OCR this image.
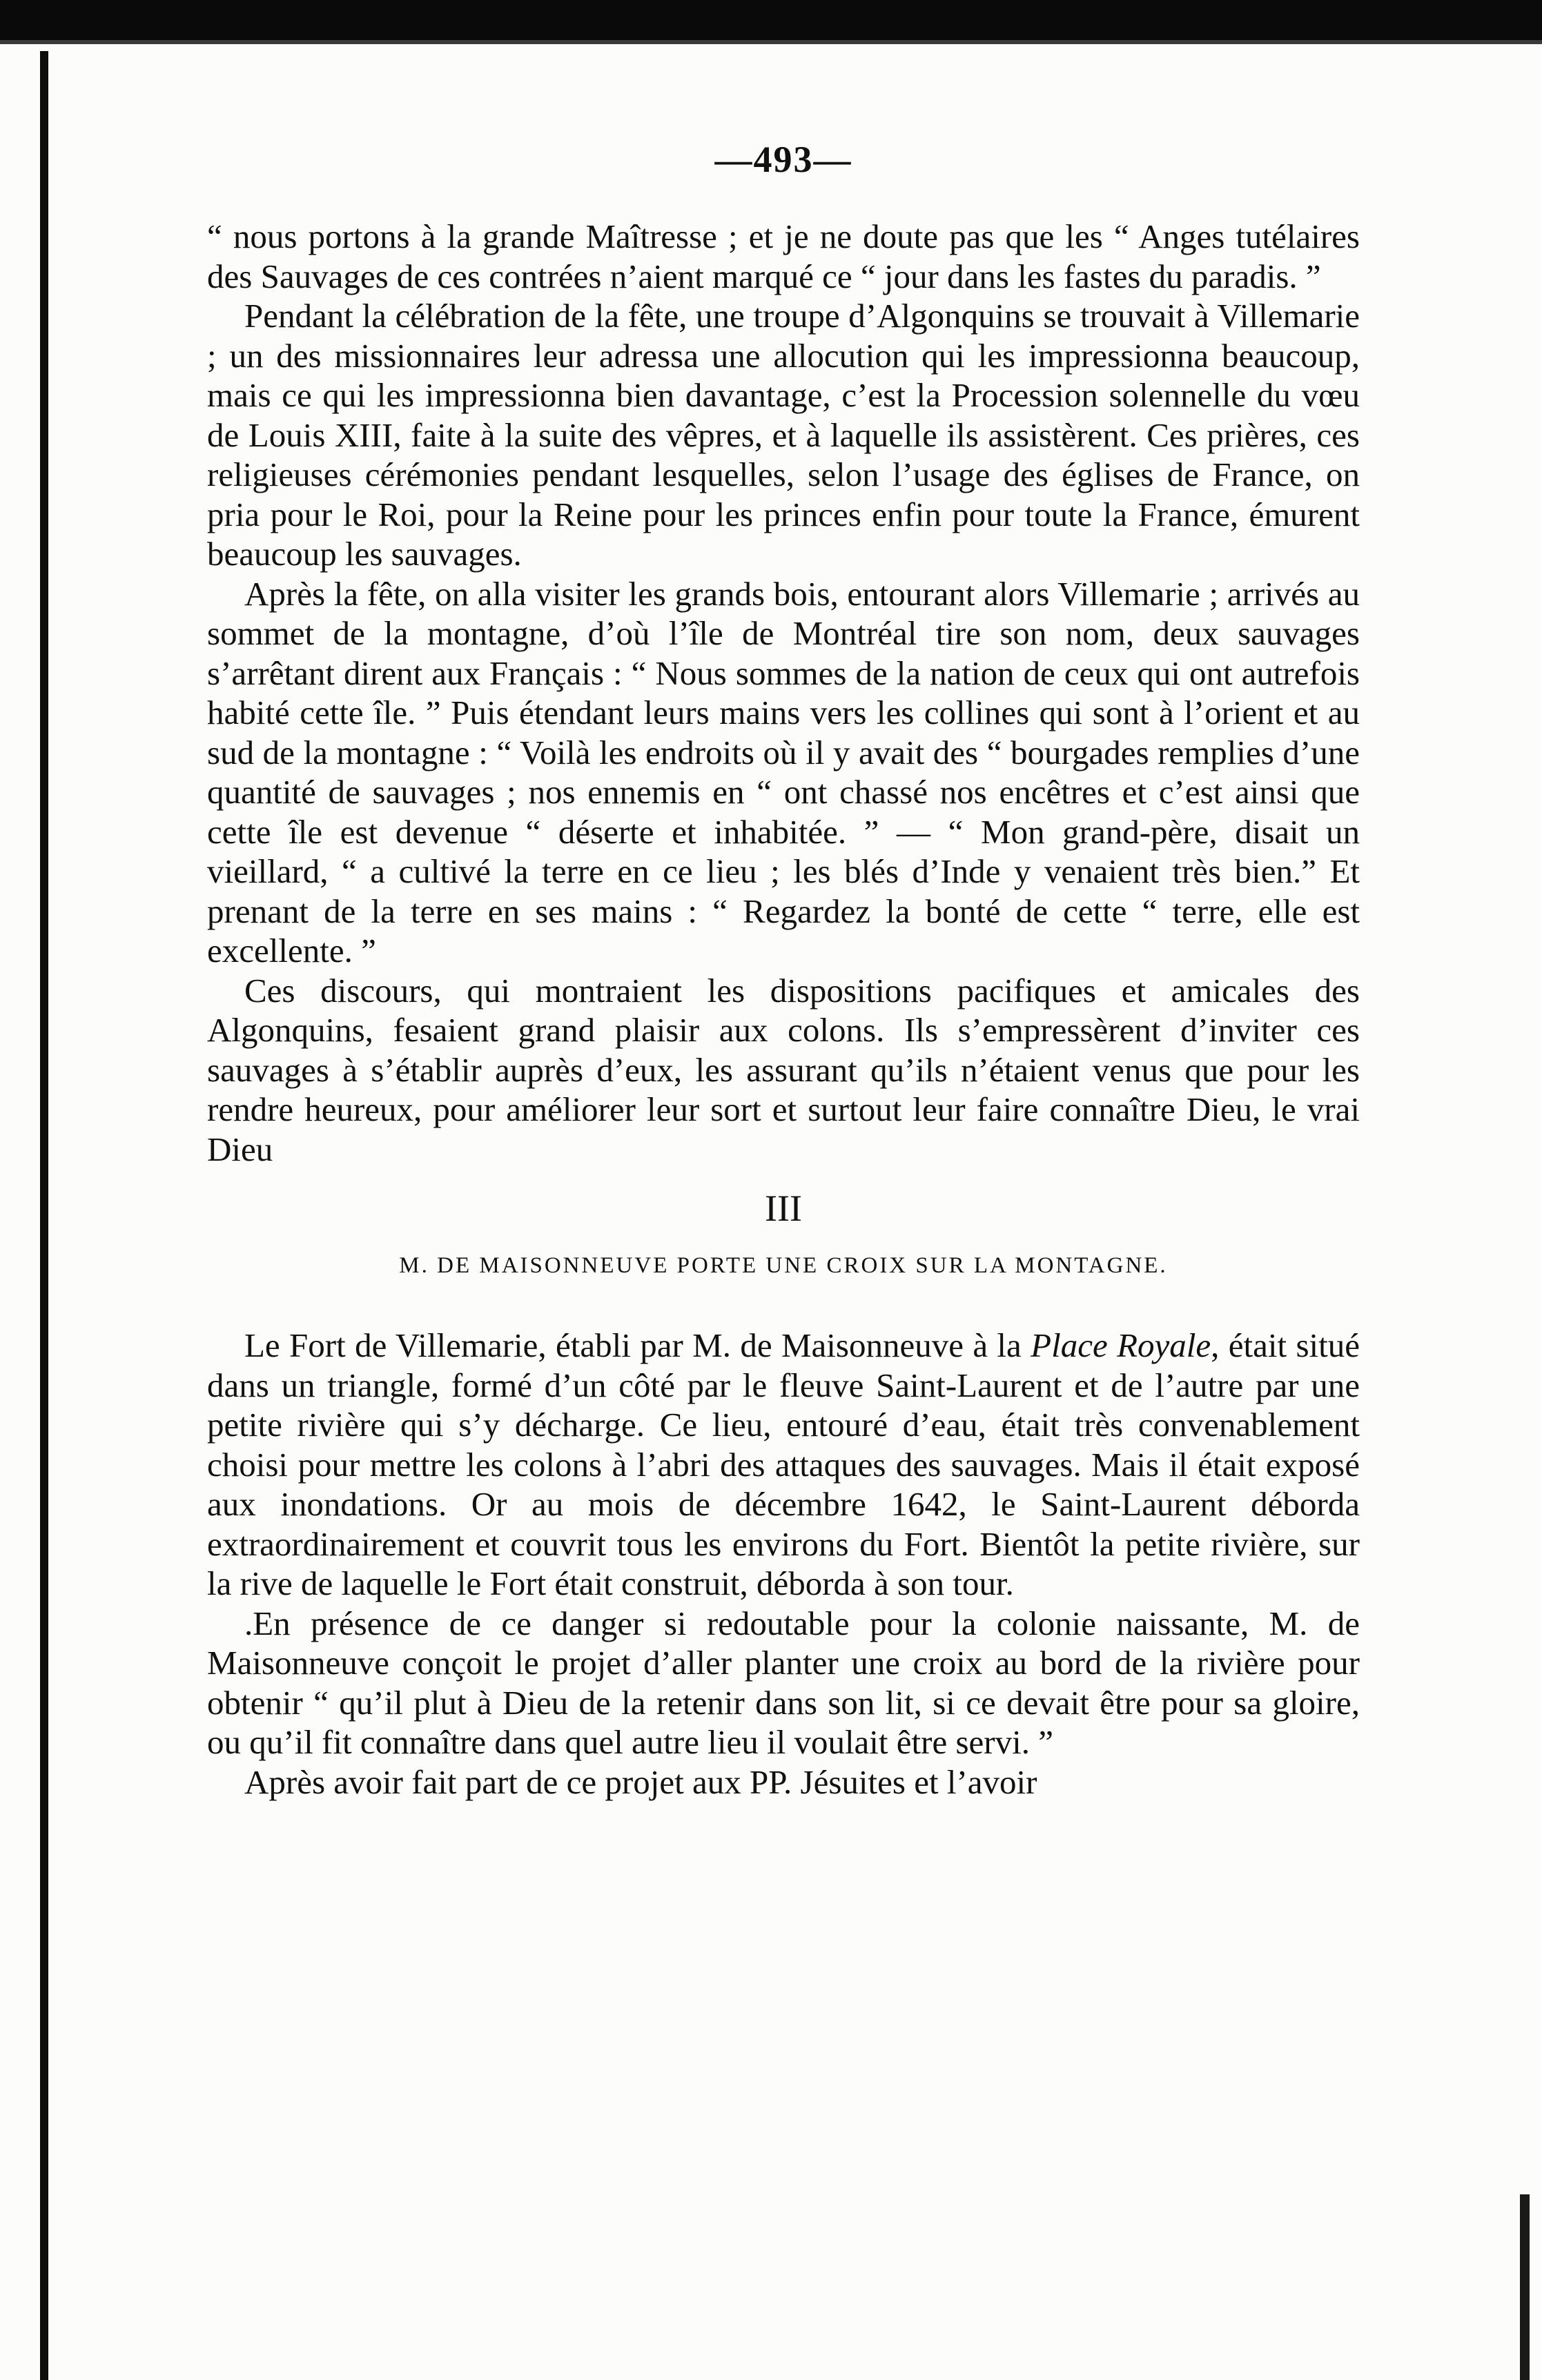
—493—

“ nous portons à la grande Maîtresse ; et je ne doute pas que les “ Anges tutélaires des Sauvages de ces contrées n’aient marqué ce “ jour dans les fastes du paradis. ”

Pendant la célébration de la fête, une troupe d’Algonquins se trouvait à Villemarie ; un des missionnaires leur adressa une allocution qui les impressionna beaucoup, mais ce qui les impressionna bien davantage, c’est la Procession solennelle du vœu de Louis XIII, faite à la suite des vêpres, et à laquelle ils assistèrent. Ces prières, ces religieuses cérémonies pendant lesquelles, selon l’usage des églises de France, on pria pour le Roi, pour la Reine pour les princes enfin pour toute la France, émurent beaucoup les sauvages.

Après la fête, on alla visiter les grands bois, entourant alors Villemarie ; arrivés au sommet de la montagne, d’où l’île de Montréal tire son nom, deux sauvages s’arrêtant dirent aux Français : “ Nous sommes de la nation de ceux qui ont autrefois habité cette île. ” Puis étendant leurs mains vers les collines qui sont à l’orient et au sud de la montagne : “ Voilà les endroits où il y avait des “ bourgades remplies d’une quantité de sauvages ; nos ennemis en “ ont chassé nos encêtres et c’est ainsi que cette île est devenue “ déserte et inhabitée. ” — “ Mon grand-père, disait un vieillard, “ a cultivé la terre en ce lieu ; les blés d’Inde y venaient très bien.” Et prenant de la terre en ses mains : “ Regardez la bonté de cette “ terre, elle est excellente. ”

Ces discours, qui montraient les dispositions pacifiques et amicales des Algonquins, fesaient grand plaisir aux colons. Ils s’empressèrent d’inviter ces sauvages à s’établir auprès d’eux, les assurant qu’ils n’étaient venus que pour les rendre heureux, pour améliorer leur sort et surtout leur faire connaître Dieu, le vrai Dieu

III
M. DE MAISONNEUVE PORTE UNE CROIX SUR LA MONTAGNE.

Le Fort de Villemarie, établi par M. de Maisonneuve à la Place Royale, était situé dans un triangle, formé d’un côté par le fleuve Saint-Laurent et de l’autre par une petite rivière qui s’y décharge. Ce lieu, entouré d’eau, était très convenablement choisi pour mettre les colons à l’abri des attaques des sauvages. Mais il était exposé aux inondations. Or au mois de décembre 1642, le Saint-Laurent déborda extraordinairement et couvrit tous les environs du Fort. Bientôt la petite rivière, sur la rive de laquelle le Fort était construit, déborda à son tour.

.En présence de ce danger si redoutable pour la colonie naissante, M. de Maisonneuve conçoit le projet d’aller planter une croix au bord de la rivière pour obtenir “ qu’il plut à Dieu de la retenir dans son lit, si ce devait être pour sa gloire, ou qu’il fit connaître dans quel autre lieu il voulait être servi. ”

Après avoir fait part de ce projet aux PP. Jésuites et l’avoir
